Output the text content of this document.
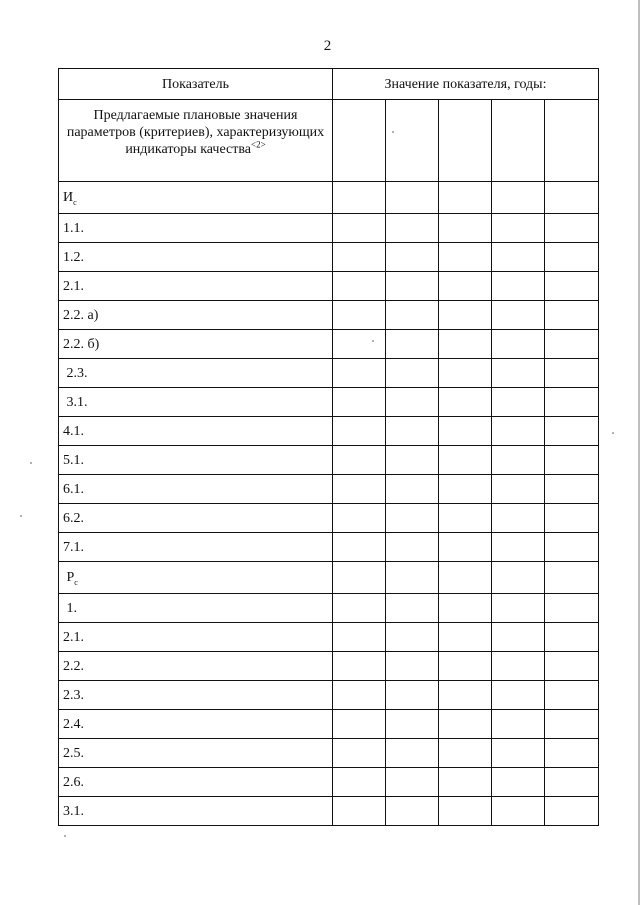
2
Показатель	Значение показателя, годы:				
Предлагаемые плановые значения параметров (критериев), характеризующих индикаторы качества$^{<2>}$					
$И_с$					
1.1.					
1.2.					
2.1.					
2.2. а)					
2.2. б)					
2.3.					
3.1.					
4.1.					
5.1.					
6.1.					
6.2.					
7.1.					
$Р_с$					
1.					
2.1.					
2.2.					
2.3.					
2.4.					
2.5.					
2.6.					
3.1.					
